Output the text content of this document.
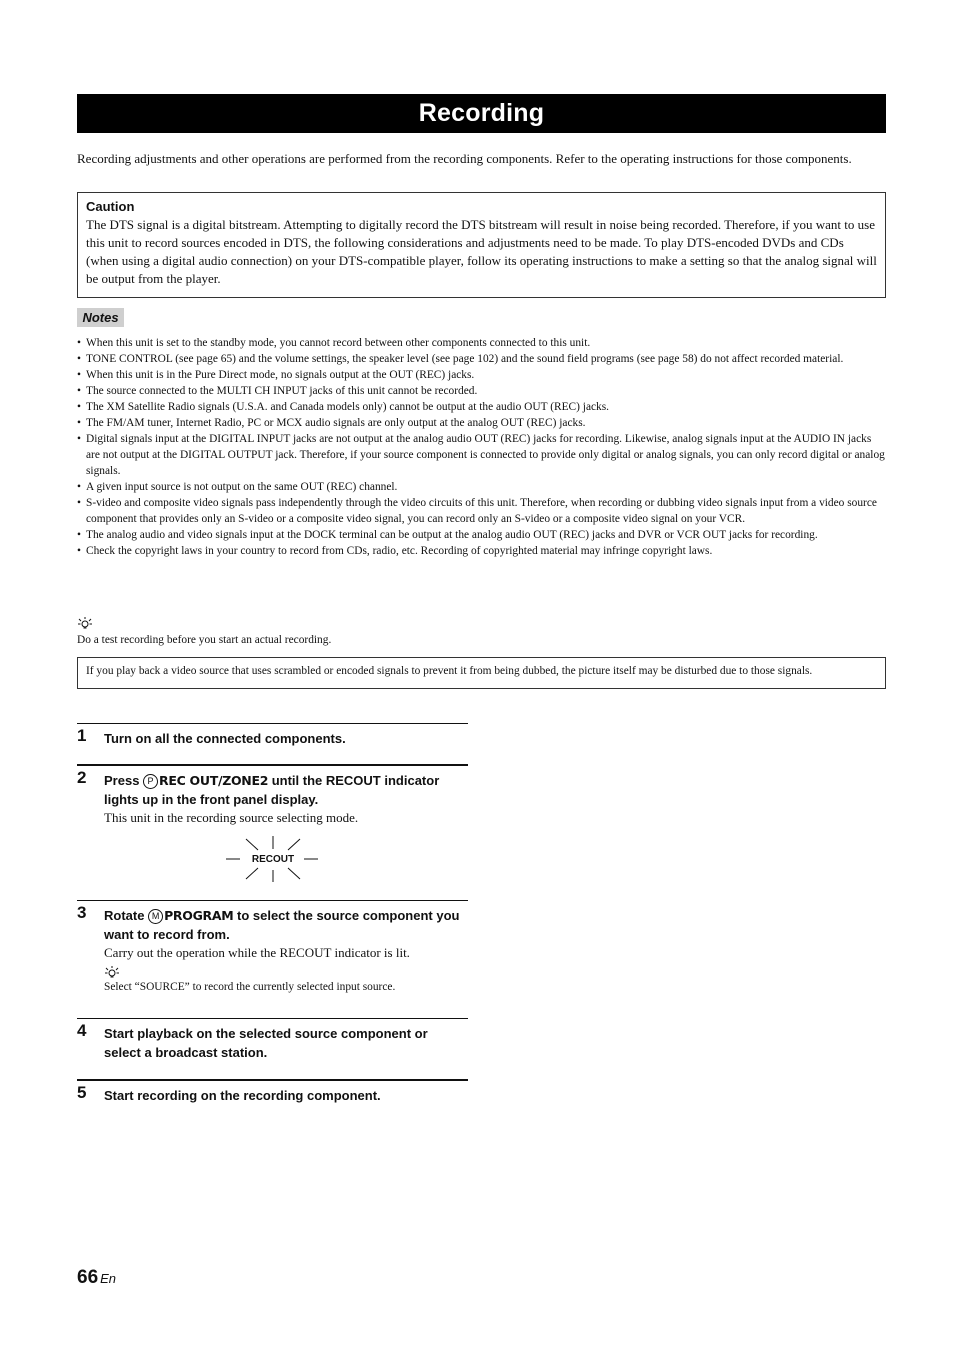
Recording
Recording adjustments and other operations are performed from the recording components. Refer to the operating instructions for those components.
Caution
The DTS signal is a digital bitstream. Attempting to digitally record the DTS bitstream will result in noise being recorded. Therefore, if you want to use this unit to record sources encoded in DTS, the following considerations and adjustments need to be made. To play DTS-encoded DVDs and CDs (when using a digital audio connection) on your DTS-compatible player, follow its operating instructions to make a setting so that the analog signal will be output from the player.
Notes
• When this unit is set to the standby mode, you cannot record between other components connected to this unit.
• TONE CONTROL (see page 65) and the volume settings, the speaker level (see page 102) and the sound field programs (see page 58) do not affect recorded material.
• When this unit is in the Pure Direct mode, no signals output at the OUT (REC) jacks.
• The source connected to the MULTI CH INPUT jacks of this unit cannot be recorded.
• The XM Satellite Radio signals (U.S.A. and Canada models only) cannot be output at the audio OUT (REC) jacks.
• The FM/AM tuner, Internet Radio, PC or MCX audio signals are only output at the analog OUT (REC) jacks.
• Digital signals input at the DIGITAL INPUT jacks are not output at the analog audio OUT (REC) jacks for recording. Likewise, analog signals input at the AUDIO IN jacks are not output at the DIGITAL OUTPUT jack. Therefore, if your source component is connected to provide only digital or analog signals, you can only record digital or analog signals.
• A given input source is not output on the same OUT (REC) channel.
• S-video and composite video signals pass independently through the video circuits of this unit. Therefore, when recording or dubbing video signals input from a video source component that provides only an S-video or a composite video signal, you can record only an S-video or a composite video signal on your VCR.
• The analog audio and video signals input at the DOCK terminal can be output at the analog audio OUT (REC) jacks and DVR or VCR OUT jacks for recording.
• Check the copyright laws in your country to record from CDs, radio, etc. Recording of copyrighted material may infringe copyright laws.
Do a test recording before you start an actual recording.
If you play back a video source that uses scrambled or encoded signals to prevent it from being dubbed, the picture itself may be disturbed due to those signals.
1 Turn on all the connected components.
2 Press P REC OUT/ZONE2 until the RECOUT indicator lights up in the front panel display.
This unit in the recording source selecting mode.
RECOUT
3 Rotate M PROGRAM to select the source component you want to record from.
Carry out the operation while the RECOUT indicator is lit.
Select “SOURCE” to record the currently selected input source.
4 Start playback on the selected source component or select a broadcast station.
5 Start recording on the recording component.
66 En
